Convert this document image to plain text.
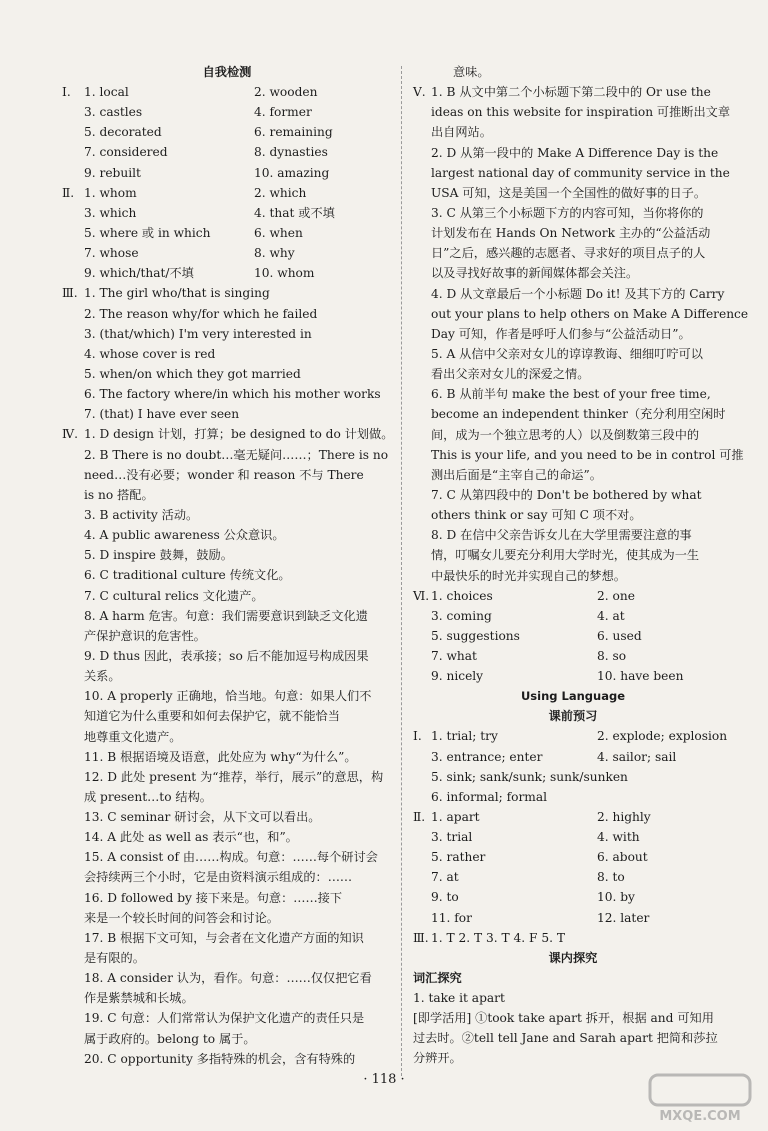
自我检测
Ⅰ. 1. local	2. wooden
3. castles	4. former
5. decorated	6. remaining
7. considered	8. dynasties
9. rebuilt	10. amazing
Ⅱ. 1. whom	2. which
3. which	4. that 或不填
5. where 或 in which	6. when
7. whose	8. why
9. which/that/不填	10. whom
Ⅲ. 1. The girl who/that is singing
2. The reason why/for which he failed
3. (that/which) I'm very interested in
4. whose cover is red
5. when/on which they got married
6. The factory where/in which his mother works
7. (that) I have ever seen
Ⅳ. 1. D design 计划，打算；be designed to do 计划做。
2. B There is no doubt…毫无疑问……；There is no
need…没有必要；wonder 和 reason 不与 There
is no 搭配。
3. B activity 活动。
4. A public awareness 公众意识。
5. D inspire 鼓舞，鼓励。
6. C traditional culture 传统文化。
7. C cultural relics 文化遗产。
8. A harm 危害。句意：我们需要意识到缺乏文化遗
产保护意识的危害性。
9. D thus 因此，表承接；so 后不能加逗号构成因果
关系。
10. A properly 正确地，恰当地。句意：如果人们不
知道它为什么重要和如何去保护它，就不能恰当
地尊重文化遗产。
11. B 根据语境及语意，此处应为 why“为什么”。
12. D 此处 present 为“推荐，举行，展示”的意思，构
成 present…to 结构。
13. C seminar 研讨会，从下文可以看出。
14. A 此处 as well as 表示“也，和”。
15. A consist of 由……构成。句意：……每个研讨会
会持续两三个小时，它是由资料演示组成的：……
16. D followed by 接下来是。句意：……接下
来是一个较长时间的问答会和讨论。
17. B 根据下文可知，与会者在文化遗产方面的知识
是有限的。
18. A consider 认为，看作。句意：……仅仅把它看
作是紫禁城和长城。
19. C 句意：人们常常认为保护文化遗产的责任只是
属于政府的。belong to 属于。
20. C opportunity 多指特殊的机会，含有特殊的
意味。
Ⅴ. 1. B 从文中第二个小标题下第二段中的 Or use the
ideas on this website for inspiration 可推断出文章
出自网站。
2. D 从第一段中的 Make A Difference Day is the
largest national day of community service in the
USA 可知，这是美国一个全国性的做好事的日子。
3. C 从第三个小标题下方的内容可知，当你将你的
计划发布在 Hands On Network 主办的“公益活动
日”之后，感兴趣的志愿者、寻求好的项目点子的人
以及寻找好故事的新闻媒体都会关注。
4. D 从文章最后一个小标题 Do it! 及其下方的 Carry
out your plans to help others on Make A Difference
Day 可知，作者是呼吁人们参与“公益活动日”。
5. A 从信中父亲对女儿的谆谆教诲、细细叮咛可以
看出父亲对女儿的深爱之情。
6. B 从前半句 make the best of your free time,
become an independent thinker（充分利用空闲时
间，成为一个独立思考的人）以及倒数第三段中的
This is your life, and you need to be in control 可推
测出后面是“主宰自己的命运”。
7. C 从第四段中的 Don't be bothered by what
others think or say 可知 C 项不对。
8. D 在信中父亲告诉女儿在大学里需要注意的事
情，叮嘱女儿要充分利用大学时光，使其成为一生
中最快乐的时光并实现自己的梦想。
Ⅵ. 1. choices	2. one
3. coming	4. at
5. suggestions	6. used
7. what	8. so
9. nicely	10. have been
Using Language
课前预习
Ⅰ. 1. trial; try	2. explode; explosion
3. entrance; enter	4. sailor; sail
5. sink; sank/sunk; sunk/sunken
6. informal; formal
Ⅱ. 1. apart	2. highly
3. trial	4. with
5. rather	6. about
7. at	8. to
9. to	10. by
11. for	12. later
Ⅲ. 1. T 2. T 3. T 4. F 5. T
课内探究
词汇探究
1. take it apart
[即学活用] ①took take apart 拆开，根据 and 可知用
过去时。②tell tell Jane and Sarah apart 把简和莎拉
分辨开。
· 118 ·
MXQE.COM
